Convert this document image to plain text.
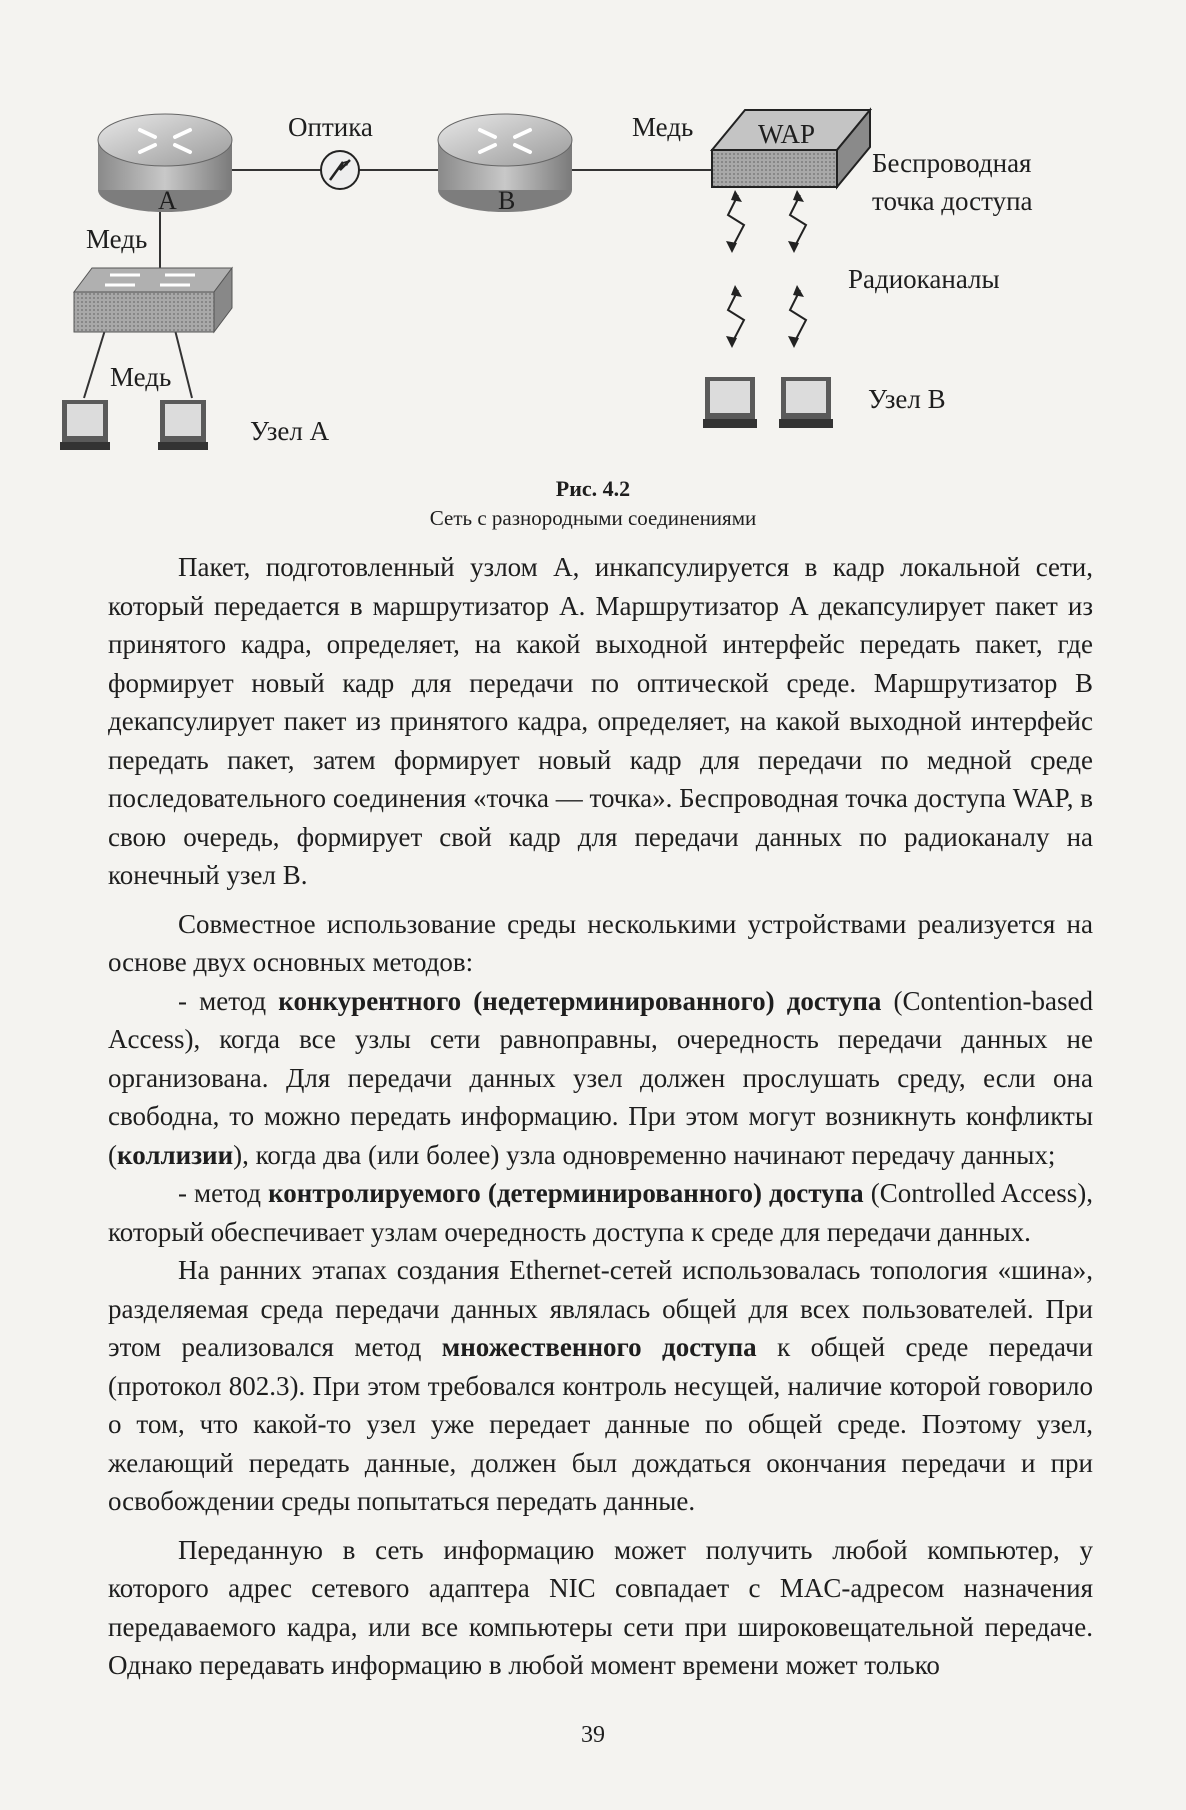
А	В
WAP
Оптика	Медь
Медь
Медь
Беспроводная
точка доступа
Радиоканалы
Узел А
Узел В
Рис. 4.2
Сеть с разнородными соединениями

Пакет, подготовленный узлом А, инкапсулируется в кадр локальной сети, который передается в маршрутизатор А. Маршрутизатор А декапсулирует пакет из принятого кадра, определяет, на какой выходной интерфейс передать пакет, где формирует новый кадр для передачи по оптической среде. Маршрутизатор В декапсулирует пакет из принятого кадра, определяет, на какой выходной интерфейс передать пакет, затем формирует новый кадр для передачи по медной среде последовательного соединения «точка — точка». Беспроводная точка доступа WAP, в свою очередь, формирует свой кадр для передачи данных по радиоканалу на конечный узел В.

Совместное использование среды несколькими устройствами реализуется на основе двух основных методов:

- метод конкурентного (недетерминированного) доступа (Contention-based Access), когда все узлы сети равноправны, очередность передачи данных не организована. Для передачи данных узел должен прослушать среду, если она свободна, то можно передать информацию. При этом могут возникнуть конфликты (коллизии), когда два (или более) узла одновременно начинают передачу данных;

- метод контролируемого (детерминированного) доступа (Controlled Access), который обеспечивает узлам очередность доступа к среде для передачи данных.

На ранних этапах создания Ethernet-сетей использовалась топология «шина», разделяемая среда передачи данных являлась общей для всех пользователей. При этом реализовался метод множественного доступа к общей среде передачи (протокол 802.3). При этом требовался контроль несущей, наличие которой говорило о том, что какой-то узел уже передает данные по общей среде. Поэтому узел, желающий передать данные, должен был дождаться окончания передачи и при освобождении среды попытаться передать данные.

Переданную в сеть информацию может получить любой компьютер, у которого адрес сетевого адаптера NIC совпадает с MAC-адресом назначения передаваемого кадра, или все компьютеры сети при широковещательной передаче. Однако передавать информацию в любой момент времени может только

39
